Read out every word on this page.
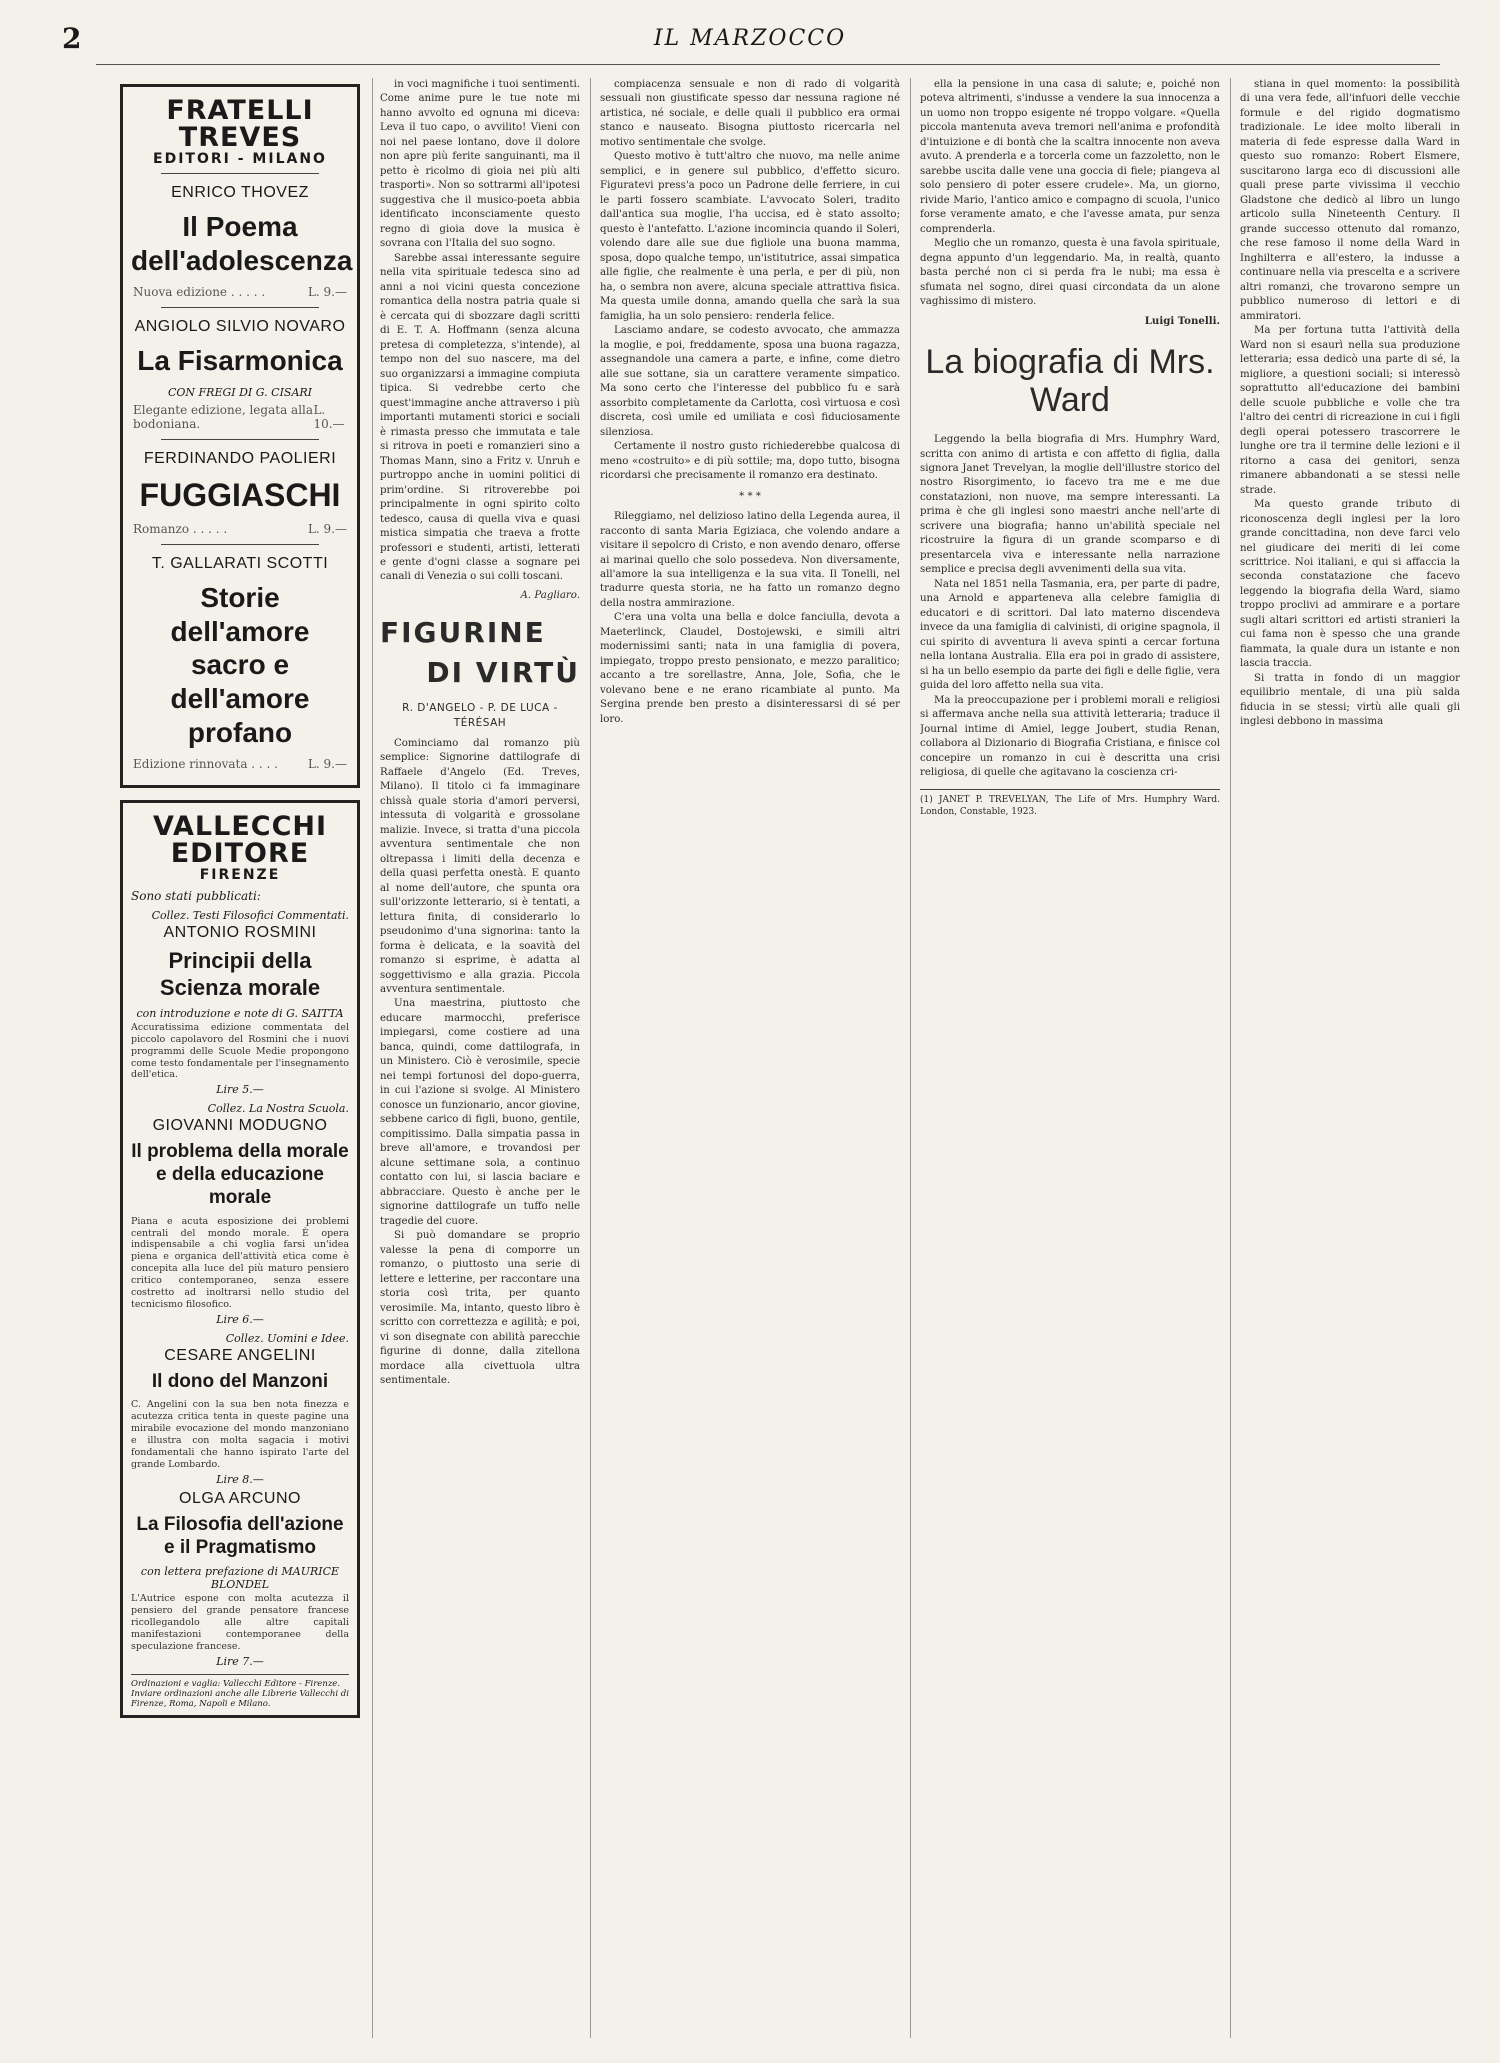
2	IL MARZOCCO
FRATELLI TREVES
EDITORI - MILANO
ENRICO THOVEZ
Il Poema dell'adolescenza
Nuova edizione . . . . .	L. 9.—
ANGIOLO SILVIO NOVARO
La Fisarmonica
CON FREGI DI G. CISARI
Elegante edizione, legata alla bodoniana.
L. 10.—
FERDINANDO PAOLIERI
FUGGIASCHI
Romanzo . . . . .	L. 9.—
T. GALLARATI SCOTTI
Storie dell'amore sacro e dell'amore profano
Edizione rinnovata . . . . L. 9.—
VALLECCHI EDITORE
FIRENZE
Sono stati pubblicati:
Collez. Testi Filosofici Commentati.
ANTONIO ROSMINI
Principii della Scienza morale
con introduzione e note di G. SAITTA
Accuratissima edizione commentata del piccolo capolavoro del Rosmini che i nuovi programmi delle Scuole Medie propongono come testo fondamentale per l'insegnamento dell'etica.
Lire 5.—
Collez. La Nostra Scuola.
GIOVANNI MODUGNO
Il problema della morale e della educazione morale
Piana e acuta esposizione dei problemi centrali del mondo morale. È opera indispensabile a chi voglia farsi un'idea piena e organica dell'attività etica come è concepita alla luce del più maturo pensiero critico contemporaneo, senza essere costretto ad inoltrarsi nello studio del tecnicismo filosofico.
Lire 6.—
Collez. Uomini e Idee.
CESARE ANGELINI
Il dono del Manzoni
C. Angelini con la sua ben nota finezza e acutezza critica tenta in queste pagine una mirabile evocazione del mondo manzoniano e illustra con molta sagacia i motivi fondamentali che hanno ispirato l'arte del grande Lombardo.
Lire 8.—
OLGA ARCUNO
La Filosofia dell'azione e il Pragmatismo
con lettera prefazione di MAURICE BLONDEL
L'Autrice espone con molta acutezza il pensiero del grande pensatore francese ricollegandolo alle altre capitali manifestazioni contemporanee della speculazione francese.
Lire 7.—
Ordinazioni e vaglia: Vallecchi Editore - Firenze. Inviare ordinazioni anche alle Librerie Vallecchi di Firenze, Roma, Napoli e Milano.

in voci magnifiche i tuoi sentimenti. Come anime pure le tue note mi hanno avvolto ed ognuna mi diceva: Leva il tuo capo, o avvilito! Vieni con noi nel paese lontano, dove il dolore non apre più ferite sanguinanti, ma il petto è ricolmo di gioia nei più alti trasporti». Non so sottrarmi all'ipotesi suggestiva che il musico-poeta abbia identificato inconsciamente questo regno di gioia dove la musica è sovrana con l'Italia del suo sogno.

Sarebbe assai interessante seguire nella vita spirituale tedesca sino ad anni a noi vicini questa concezione romantica della nostra patria quale si è cercata qui di sbozzare dagli scritti di E. T. A. Hoffmann (senza alcuna pretesa di completezza, s'intende), al tempo non del suo nascere, ma del suo organizzarsi a immagine compiuta tipica. Si vedrebbe certo che quest'immagine anche attraverso i più importanti mutamenti storici e sociali è rimasta presso che immutata e tale si ritrova in poeti e romanzieri sino a Thomas Mann, sino a Fritz v. Unruh e purtroppo anche in uomini politici di prim'ordine. Si ritroverebbe poi principalmente in ogni spirito colto tedesco, causa di quella viva e quasi mistica simpatia che traeva a frotte professori e studenti, artisti, letterati e gente d'ogni classe a sognare pei canali di Venezia o sui colli toscani.

A. Pagliaro.
FIGURINE
DI VIRTÙ
R. D'ANGELO - P. DE LUCA - TÉRÉSAH

Cominciamo dal romanzo più semplice: Signorine dattilografe di Raffaele d'Angelo (Ed. Treves, Milano). Il titolo ci fa immaginare chissà quale storia d'amori perversi, intessuta di volgarità e grossolane malizie. Invece, si tratta d'una piccola avventura sentimentale che non oltrepassa i limiti della decenza e della quasi perfetta onestà. E quanto al nome dell'autore, che spunta ora sull'orizzonte letterario, si è tentati, a lettura finita, di considerarlo lo pseudonimo d'una signorina: tanto la forma è delicata, e la soavità del romanzo si esprime, è adatta al soggettivismo e alla grazia. Piccola avventura sentimentale.

Una maestrina, piuttosto che educare marmocchi, preferisce impiegarsi, come costiere ad una banca, quindi, come dattilografa, in un Ministero. Ciò è verosimile, specie nei tempi fortunosi del dopo-guerra, in cui l'azione si svolge. Al Ministero conosce un funzionario, ancor giovine, sebbene carico di figli, buono, gentile, compitissimo. Dalla simpatia passa in breve all'amore, e trovandosi per alcune settimane sola, a continuo contatto con lui, si lascia baciare e abbracciare. Questo è anche per le signorine dattilografe un tuffo nelle tragedie del cuore.

Si può domandare se proprio valesse la pena di comporre un romanzo, o piuttosto una serie di lettere e letterine, per raccontare una storia così trita, per quanto verosimile. Ma, intanto, questo libro è scritto con correttezza e agilità; e poi, vi son disegnate con abilità parecchie figurine di donne, dalla zitellona mordace alla civettuola ultra sentimentale.

compiacenza sensuale e non di rado di volgarità sessuali non giustificate spesso dar nessuna ragione né artistica, né sociale, e delle quali il pubblico era ormai stanco e nauseato. Bisogna piuttosto ricercarla nel motivo sentimentale che svolge.

Questo motivo è tutt'altro che nuovo, ma nelle anime semplici, e in genere sul pubblico, d'effetto sicuro. Figuratevi press'a poco un Padrone delle ferriere, in cui le parti fossero scambiate. L'avvocato Soleri, tradito dall'antica sua moglie, l'ha uccisa, ed è stato assolto; questo è l'antefatto. L'azione incomincia quando il Soleri, volendo dare alle sue due figliole una buona mamma, sposa, dopo qualche tempo, un'istitutrice, assai simpatica alle figlie, che realmente è una perla, e per di più, non ha, o sembra non avere, alcuna speciale attrattiva fisica. Ma questa umile donna, amando quella che sarà la sua famiglia, ha un solo pensiero: renderla felice.

Lasciamo andare, se codesto avvocato, che ammazza la moglie, e poi, freddamente, sposa una buona ragazza, assegnandole una camera a parte, e infine, come dietro alle sue sottane, sia un carattere veramente simpatico. Ma sono certo che l'interesse del pubblico fu e sarà assorbito completamente da Carlotta, così virtuosa e così discreta, così umile ed umiliata e così fiduciosamente silenziosa.

Certamente il nostro gusto richiederebbe qualcosa di meno «costruito» e di più sottile; ma, dopo tutto, bisogna ricordarsi che precisamente il romanzo era destinato.

* * *

Rileggiamo, nel delizioso latino della Legenda aurea, il racconto di santa Maria Egiziaca, che volendo andare a visitare il sepolcro di Cristo, e non avendo denaro, offerse ai marinai quello che solo possedeva. Non diversamente, all'amore la sua intelligenza e la sua vita. Il Tonelli, nel tradurre questa storia, ne ha fatto un romanzo degno della nostra ammirazione.

C'era una volta una bella e dolce fanciulla, devota a Maeterlinck, Claudel, Dostojewski, e simili altri modernissimi santi; nata in una famiglia di povera, impiegato, troppo presto pensionato, e mezzo paralitico; accanto a tre sorellastre, Anna, Jole, Sofia, che le volevano bene e ne erano ricambiate al punto. Ma Sergina prende ben presto a disinteressarsi di sé per loro.

ella la pensione in una casa di salute; e, poiché non poteva altrimenti, s'indusse a vendere la sua innocenza a un uomo non troppo esigente né troppo volgare. «Quella piccola mantenuta aveva tremori nell'anima e profondità d'intuizione e di bontà che la scaltra innocente non aveva avuto. A prenderla e a torcerla come un fazzoletto, non le sarebbe uscita dalle vene una goccia di fiele; piangeva al solo pensiero di poter essere crudele». Ma, un giorno, rivide Mario, l'antico amico e compagno di scuola, l'unico forse veramente amato, e che l'avesse amata, pur senza comprenderla.

Meglio che un romanzo, questa è una favola spirituale, degna appunto d'un leggendario. Ma, in realtà, quanto basta perché non ci si perda fra le nubi; ma essa è sfumata nel sogno, direi quasi circondata da un alone vaghissimo di mistero.

Luigi Tonelli.
La biografia di Mrs. Ward

Leggendo la bella biografia di Mrs. Humphry Ward, scritta con animo di artista e con affetto di figlia, dalla signora Janet Trevelyan, la moglie dell'illustre storico del nostro Risorgimento, io facevo tra me e me due constatazioni, non nuove, ma sempre interessanti. La prima è che gli inglesi sono maestri anche nell'arte di scrivere una biografia; hanno un'abilità speciale nel ricostruire la figura di un grande scomparso e di presentarcela viva e interessante nella narrazione semplice e precisa degli avvenimenti della sua vita.

Nata nel 1851 nella Tasmania, era, per parte di padre, una Arnold e apparteneva alla celebre famiglia di educatori e di scrittori. Dal lato materno discendeva invece da una famiglia di calvinisti, di origine spagnola, il cui spirito di avventura li aveva spinti a cercar fortuna nella lontana Australia. Ella era poi in grado di assistere, si ha un bello esempio da parte dei figli e delle figlie, vera guida del loro affetto nella sua vita.

Ma la preoccupazione per i problemi morali e religiosi si affermava anche nella sua attività letteraria; traduce il Journal intime di Amiel, legge Joubert, studia Renan, collabora al Dizionario di Biografia Cristiana, e finisce col concepire un romanzo in cui è descritta una crisi religiosa, di quelle che agitavano la coscienza cri-

(1) JANET P. TREVELYAN, The Life of Mrs. Humphry Ward. London, Constable, 1923.

stiana in quel momento: la possibilità di una vera fede, all'infuori delle vecchie formule e del rigido dogmatismo tradizionale. Le idee molto liberali in materia di fede espresse dalla Ward in questo suo romanzo: Robert Elsmere, suscitarono larga eco di discussioni alle quali prese parte vivissima il vecchio Gladstone che dedicò al libro un lungo articolo sulla Nineteenth Century. Il grande successo ottenuto dal romanzo, che rese famoso il nome della Ward in Inghilterra e all'estero, la indusse a continuare nella via prescelta e a scrivere altri romanzi, che trovarono sempre un pubblico numeroso di lettori e di ammiratori.

Ma per fortuna tutta l'attività della Ward non si esaurì nella sua produzione letteraria; essa dedicò una parte di sé, la migliore, a questioni sociali; si interessò soprattutto all'educazione dei bambini delle scuole pubbliche e volle che tra l'altro dei centri di ricreazione in cui i figli degli operai potessero trascorrere le lunghe ore tra il termine delle lezioni e il ritorno a casa dei genitori, senza rimanere abbandonati a se stessi nelle strade.

Ma questo grande tributo di riconoscenza degli inglesi per la loro grande concittadina, non deve farci velo nel giudicare dei meriti di lei come scrittrice. Noi italiani, e qui si affaccia la seconda constatazione che facevo leggendo la biografia della Ward, siamo troppo proclivi ad ammirare e a portare sugli altari scrittori ed artisti stranieri la cui fama non è spesso che una grande fiammata, la quale dura un istante e non lascia traccia.

Si tratta in fondo di un maggior equilibrio mentale, di una più salda fiducia in se stessi; virtù alle quali gli inglesi debbono in massima
